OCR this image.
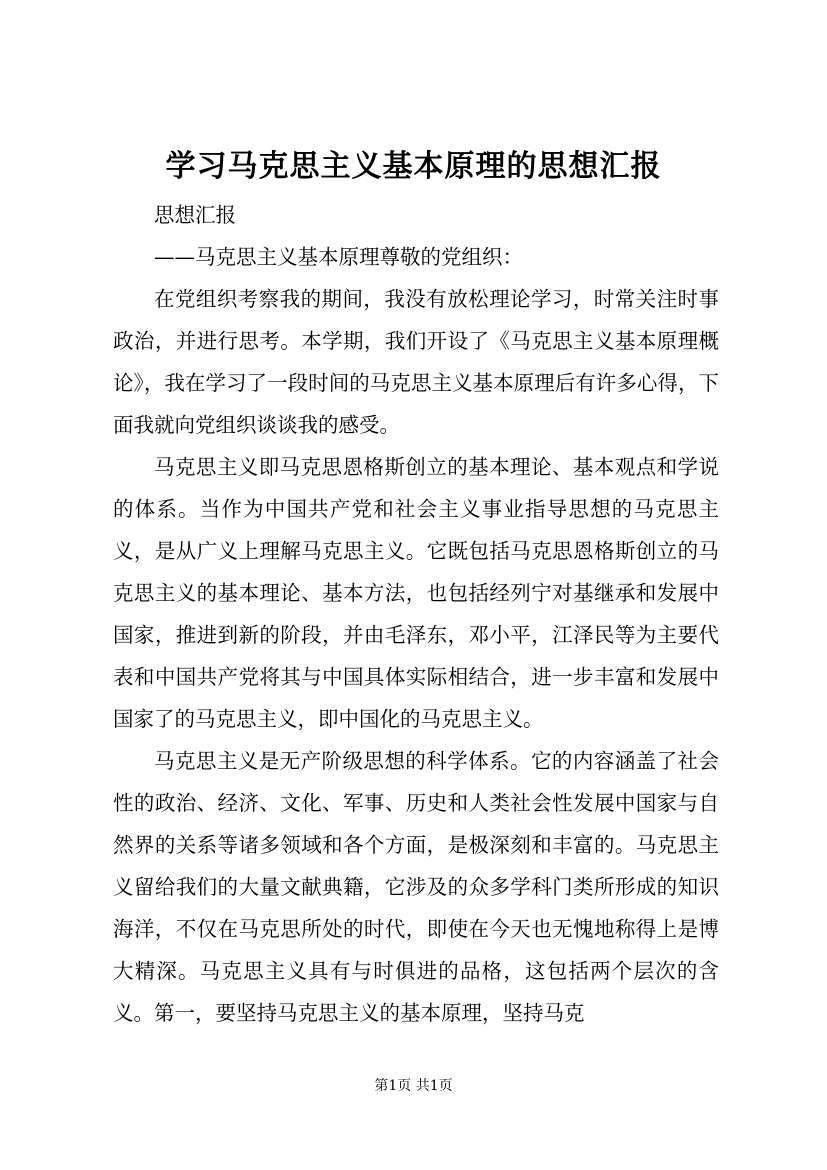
学习马克思主义基本原理的思想汇报

思想汇报

——马克思主义基本原理尊敬的党组织：

在党组织考察我的期间，我没有放松理论学习，时常关注时事政治，并进行思考。本学期，我们开设了《马克思主义基本原理概论》，我在学习了一段时间的马克思主义基本原理后有许多心得，下面我就向党组织谈谈我的感受。

马克思主义即马克思恩格斯创立的基本理论、基本观点和学说的体系。当作为中国共产党和社会主义事业指导思想的马克思主义，是从广义上理解马克思主义。它既包括马克思恩格斯创立的马克思主义的基本理论、基本方法，也包括经列宁对基继承和发展中国家，推进到新的阶段，并由毛泽东，邓小平，江泽民等为主要代表和中国共产党将其与中国具体实际相结合，进一步丰富和发展中国家了的马克思主义，即中国化的马克思主义。

马克思主义是无产阶级思想的科学体系。它的内容涵盖了社会性的政治、经济、文化、军事、历史和人类社会性发展中国家与自然界的关系等诸多领域和各个方面，是极深刻和丰富的。马克思主义留给我们的大量文献典籍，它涉及的众多学科门类所形成的知识海洋，不仅在马克思所处的时代，即使在今天也无愧地称得上是博大精深。马克思主义具有与时俱进的品格，这包括两个层次的含义。第一，要坚持马克思主义的基本原理，坚持马克

第1页 共1页
